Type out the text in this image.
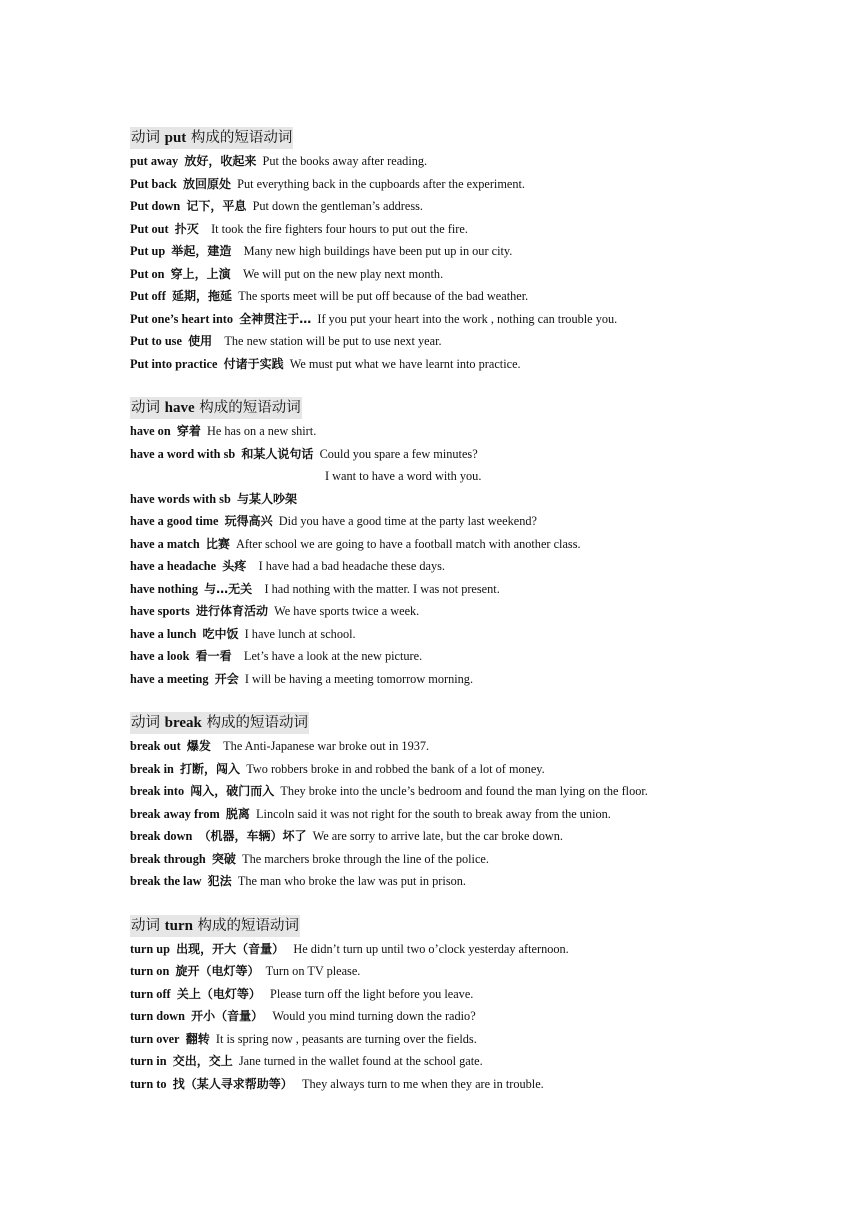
动词 put 构成的短语动词
put away 放好，收起来 Put the books away after reading.
Put back 放回原处 Put everything back in the cupboards after the experiment.
Put down 记下，平息 Put down the gentleman’s address.
Put out 扑灭    It took the fire fighters four hours to put out the fire.
Put up 举起，建造    Many new high buildings have been put up in our city.
Put on 穿上，上演    We will put on the new play next month.
Put off 延期，拖延 The sports meet will be put off because of the bad weather.
Put one’s heart into 全神贯注于… If you put your heart into the work , nothing can trouble you.
Put to use 使用    The new station will be put to use next year.
Put into practice 付诸于实践 We must put what we have learnt into practice.
动词 have 构成的短语动词
have on 穿着 He has on a new shirt.
have a word with sb 和某人说句话 Could you spare a few minutes?
I want to have a word with you.
have words with sb 与某人吵架
have a good time 玩得高兴 Did you have a good time at the party last weekend?
have a match 比赛 After school we are going to have a football match with another class.
have a headache 头疼    I have had a bad headache these days.
have nothing 与…无关    I had nothing with the matter. I was not present.
have sports 进行体育活动 We have sports twice a week.
have a lunch 吃中饭 I have lunch at school.
have a look 看一看    Let’s have a look at the new picture.
have a meeting 开会 I will be having a meeting tomorrow morning.
动词 break 构成的短语动词
break out 爆发    The Anti-Japanese war broke out in 1937.
break in 打断，闯入 Two robbers broke in and robbed the bank of a lot of money.
break into 闯入，破门而入 They broke into the uncle’s bedroom and found the man lying on the floor.
break away from 脱离 Lincoln said it was not right for the south to break away from the union.
break down （机器，车辆）坏了 We are sorry to arrive late, but the car broke down.
break through 突破 The marchers broke through the line of the police.
break the law 犯法 The man who broke the law was put in prison.
动词 turn 构成的短语动词
turn up 出现，开大（音量）   He didn’t turn up until two o’clock yesterday afternoon.
turn on 旋开（电灯等） Turn on TV please.
turn off 关上（电灯等）   Please turn off the light before you leave.
turn down 开小（音量）   Would you mind turning down the radio?
turn over 翻转 It is spring now , peasants are turning over the fields.
turn in 交出，交上 Jane turned in the wallet found at the school gate.
turn to 找（某人寻求帮助等）   They always turn to me when they are in trouble.
